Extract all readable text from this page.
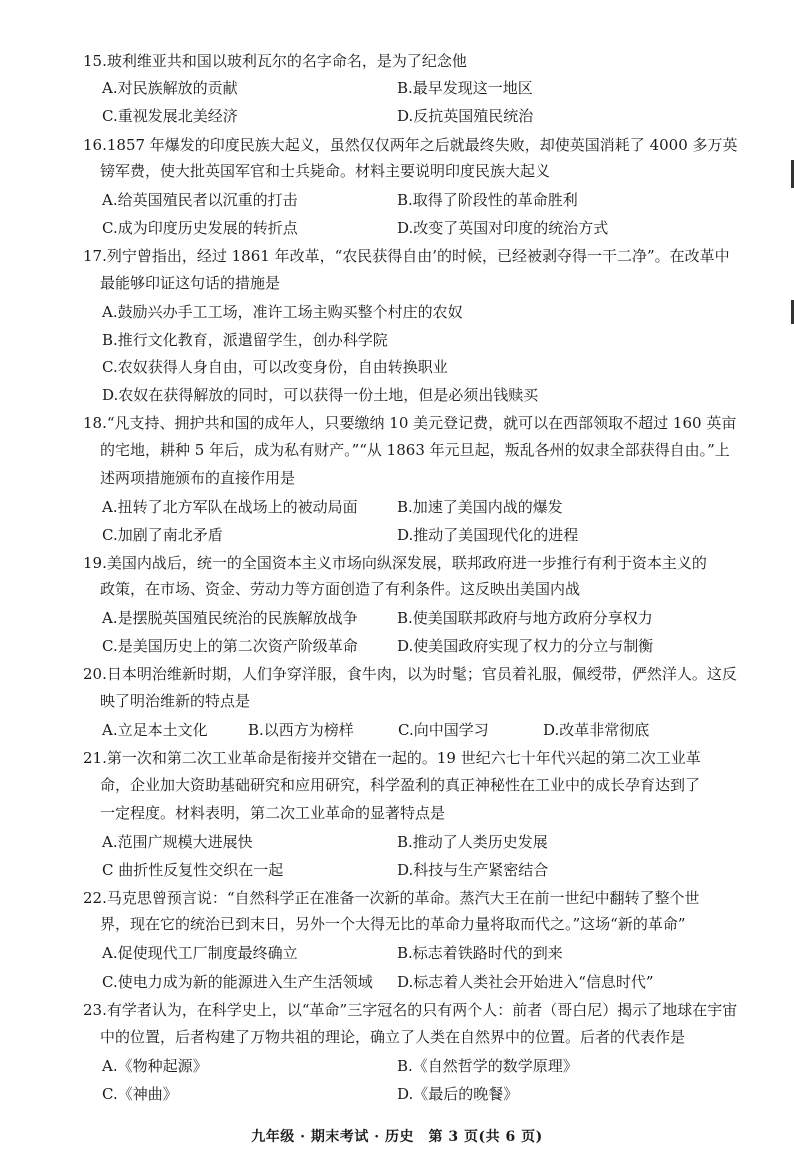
15.玻利维亚共和国以玻利瓦尔的名字命名，是为了纪念他
A.对民族解放的贡献	B.最早发现这一地区
C.重视发展北美经济	D.反抗英国殖民统治
16.1857 年爆发的印度民族大起义，虽然仅仅两年之后就最终失败，却使英国消耗了 4000 多万英
镑军费，使大批英国军官和士兵毙命。材料主要说明印度民族大起义
A.给英国殖民者以沉重的打击	B.取得了阶段性的革命胜利
C.成为印度历史发展的转折点	D.改变了英国对印度的统治方式
17.列宁曾指出，经过 1861 年改革，“农民获得自由’的时候，已经被剥夺得一干二净”。在改革中
最能够印证这句话的措施是
A.鼓励兴办手工工场，准许工场主购买整个村庄的农奴
B.推行文化教育，派遣留学生，创办科学院
C.农奴获得人身自由，可以改变身份，自由转换职业
D.农奴在获得解放的同时，可以获得一份土地，但是必须出钱赎买
18.“凡支持、拥护共和国的成年人，只要缴纳 10 美元登记费，就可以在西部领取不超过 160 英亩
的宅地，耕种 5 年后，成为私有财产。”“从 1863 年元旦起，叛乱各州的奴隶全部获得自由。”上
述两项措施颁布的直接作用是
A.扭转了北方军队在战场上的被动局面	B.加速了美国内战的爆发
C.加剧了南北矛盾	D.推动了美国现代化的进程
19.美国内战后，统一的全国资本主义市场向纵深发展，联邦政府进一步推行有利于资本主义的
政策，在市场、资金、劳动力等方面创造了有利条件。这反映出美国内战
A.是摆脱英国殖民统治的民族解放战争	B.使美国联邦政府与地方政府分享权力
C.是美国历史上的第二次资产阶级革命	D.使美国政府实现了权力的分立与制衡
20.日本明治维新时期，人们争穿洋服，食牛肉，以为时髦；官员着礼服，佩绶带，俨然洋人。这反
映了明治维新的特点是
A.立足本土文化	B.以西方为榜样	C.向中国学习	D.改革非常彻底
21.第一次和第二次工业革命是衔接并交错在一起的。19 世纪六七十年代兴起的第二次工业革
命，企业加大资助基础研究和应用研究，科学盈利的真正神秘性在工业中的成长孕育达到了
一定程度。材料表明，第二次工业革命的显著特点是
A.范围广规模大进展快	B.推动了人类历史发展
C 曲折性反复性交织在一起	D.科技与生产紧密结合
22.马克思曾预言说：“自然科学正在准备一次新的革命。蒸汽大王在前一世纪中翻转了整个世
界，现在它的统治已到末日，另外一个大得无比的革命力量将取而代之。”这场“新的革命”
A.促使现代工厂制度最终确立	B.标志着铁路时代的到来
C.使电力成为新的能源进入生产生活领域 D.标志着人类社会开始进入“信息时代”
23.有学者认为，在科学史上，以“革命”三字冠名的只有两个人：前者（哥白尼）揭示了地球在宇宙
中的位置，后者构建了万物共祖的理论，确立了人类在自然界中的位置。后者的代表作是
A.《物种起源》	B.《自然哲学的数学原理》
C.《神曲》	D.《最后的晚餐》
九年级 · 期末考试 · 历史　第 3 页(共 6 页)
